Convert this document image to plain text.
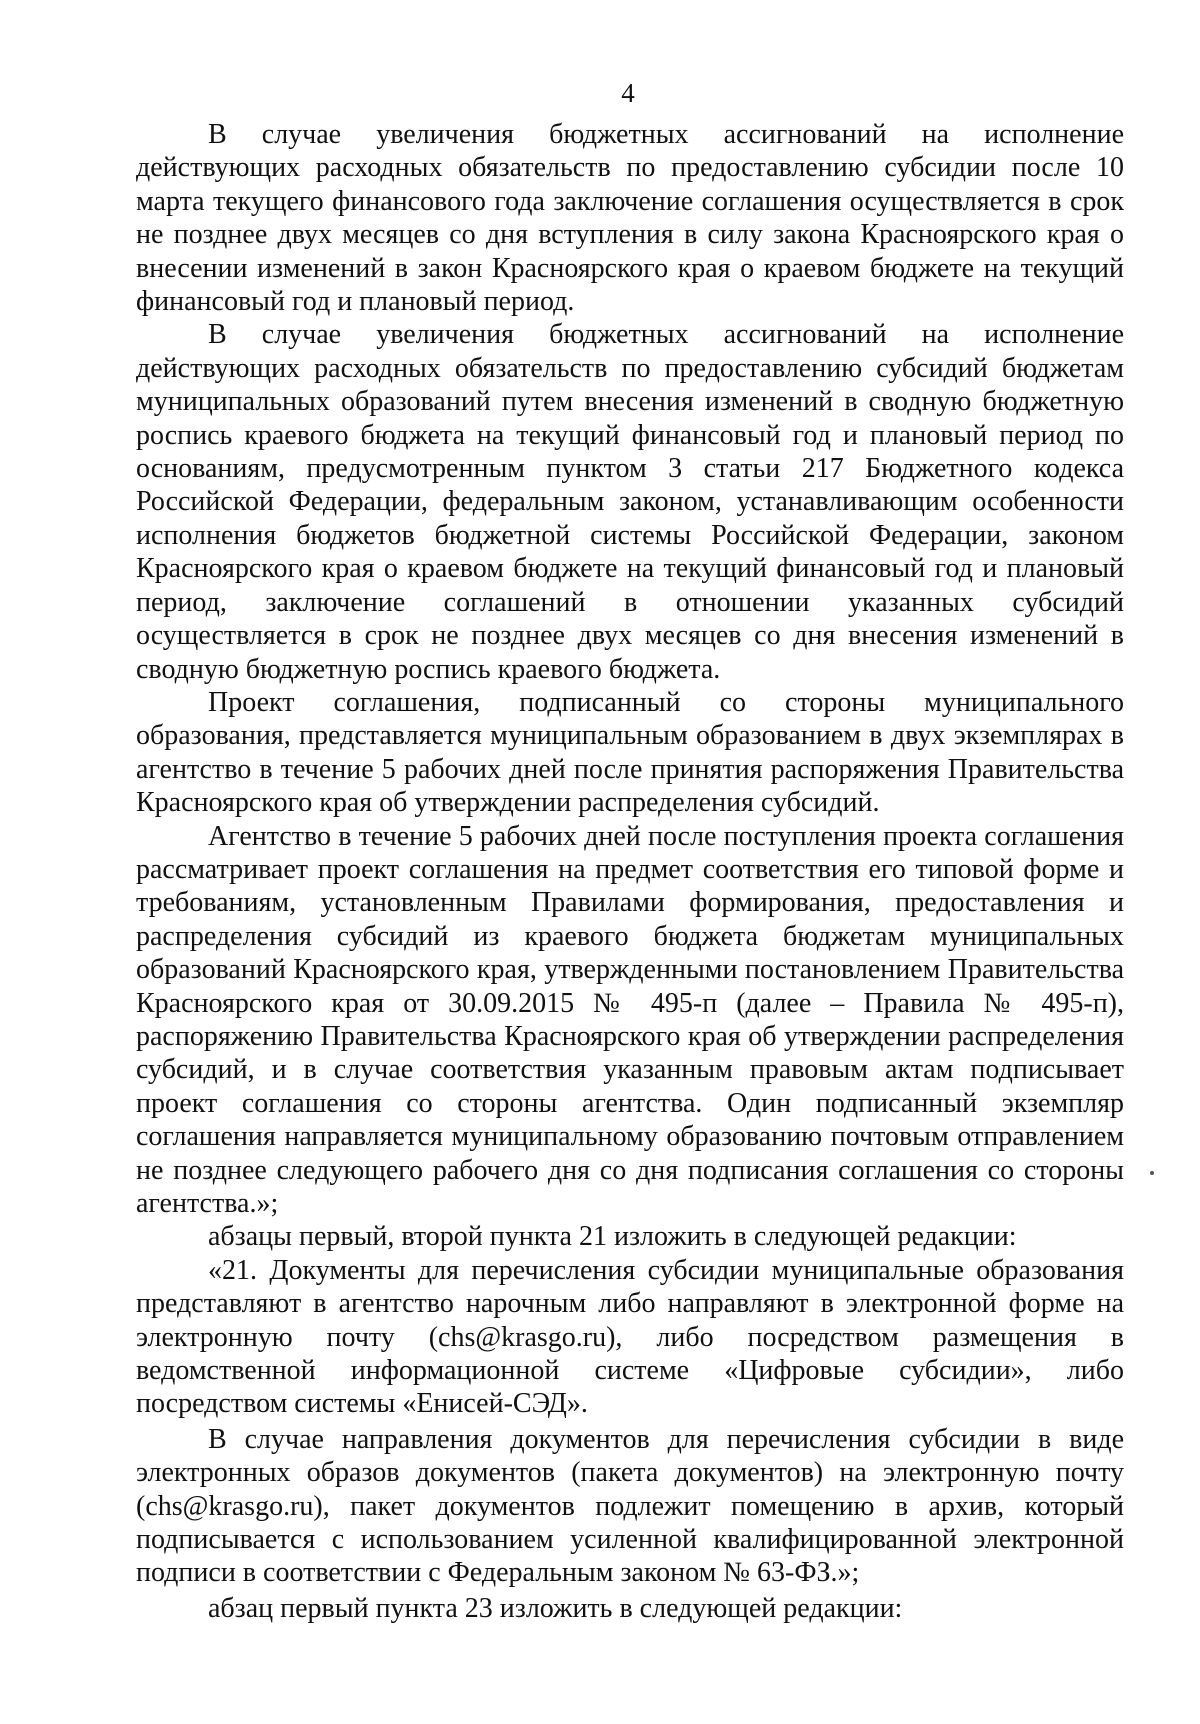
4

В случае увеличения бюджетных ассигнований на исполнение действующих расходных обязательств по предоставлению субсидии после 10 марта текущего финансового года заключение соглашения осуществляется в срок не позднее двух месяцев со дня вступления в силу закона Красноярского края о внесении изменений в закон Красноярского края о краевом бюджете на текущий финансовый год и плановый период.

В случае увеличения бюджетных ассигнований на исполнение действующих расходных обязательств по предоставлению субсидий бюджетам муниципальных образований путем внесения изменений в сводную бюджетную роспись краевого бюджета на текущий финансовый год и плановый период по основаниям, предусмотренным пунктом 3 статьи 217 Бюджетного кодекса Российской Федерации, федеральным законом, устанавливающим особенности исполнения бюджетов бюджетной системы Российской Федерации, законом Красноярского края о краевом бюджете на текущий финансовый год и плановый период, заключение соглашений в отношении указанных субсидий осуществляется в срок не позднее двух месяцев со дня внесения изменений в сводную бюджетную роспись краевого бюджета.

Проект соглашения, подписанный со стороны муниципального образования, представляется муниципальным образованием в двух экземплярах в агентство в течение 5 рабочих дней после принятия распоряжения Правительства Красноярского края об утверждении распределения субсидий.

Агентство в течение 5 рабочих дней после поступления проекта соглашения рассматривает проект соглашения на предмет соответствия его типовой форме и требованиям, установленным Правилами формирования, предоставления и распределения субсидий из краевого бюджета бюджетам муниципальных образований Красноярского края, утвержденными постановлением Правительства Красноярского края от 30.09.2015 № 495-п (далее – Правила № 495-п), распоряжению Правительства Красноярского края об утверждении распределения субсидий, и в случае соответствия указанным правовым актам подписывает проект соглашения со стороны агентства. Один подписанный экземпляр соглашения направляется муниципальному образованию почтовым отправлением не позднее следующего рабочего дня со дня подписания соглашения со стороны агентства.»;

абзацы первый, второй пункта 21 изложить в следующей редакции:

«21. Документы для перечисления субсидии муниципальные образования представляют в агентство нарочным либо направляют в электронной форме на электронную почту (chs@krasgo.ru), либо посредством размещения в ведомственной информационной системе «Цифровые субсидии», либо посредством системы «Енисей-СЭД».

В случае направления документов для перечисления субсидии в виде электронных образов документов (пакета документов) на электронную почту (chs@krasgo.ru), пакет документов подлежит помещению в архив, который подписывается с использованием усиленной квалифицированной электронной подписи в соответствии с Федеральным законом № 63-ФЗ.»;

абзац первый пункта 23 изложить в следующей редакции:
